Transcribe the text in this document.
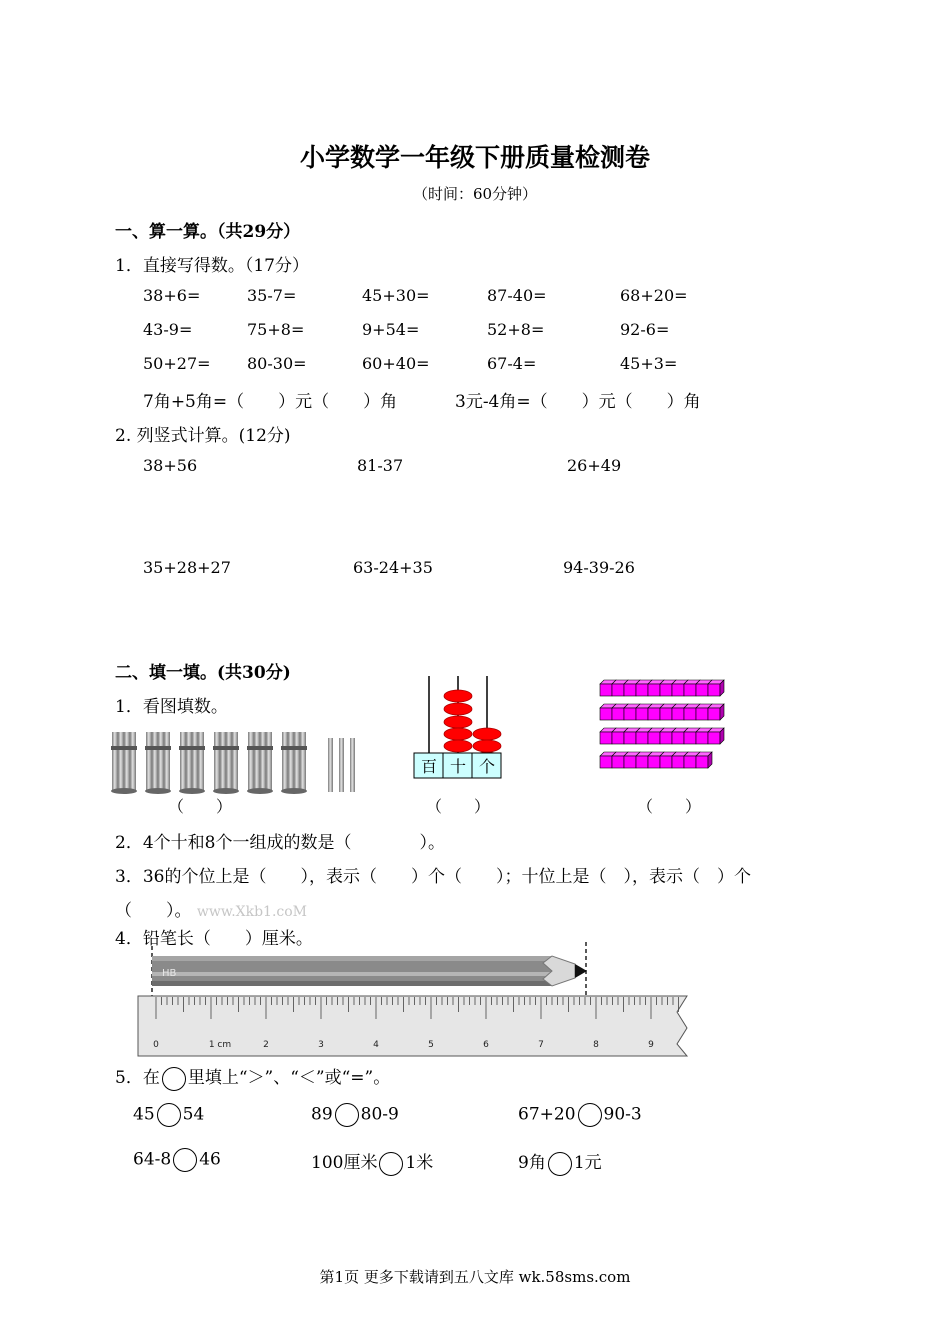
小学数学一年级下册质量检测卷
（时间：60分钟）
一、算一算。（共29分）
1．直接写得数。（17分）
38+6=	35-7=	45+30=	87-40=	68+20=
43-9=	75+8=	9+54=	52+8=	92-6=
50+27= 80-30=	60+40=	67-4=	45+3=
7角+5角=（　　）元（　　）角	3元-4角=（　　）元（　　）角
2. 列竖式计算。(12分)
38+56	81-37	26+49
35+28+27	63-24+35	94-39-26
二、填一填。(共30分)
1．看图填数。
（　　）
百 十 个
（　　）	（　　）
2．4个十和8个一组成的数是（　　　　）。
3．36的个位上是（　　），表示（　　）个（　　）；十位上是（　），表示（　）个
（　　）。 www.Xkb1.coM
4．铅笔长（　　）厘米。
HB
0	1 cm	2	3	4	5	6	7	8	9
5．在 里填上“＞”、“＜”或“=”。
45 54	89 80-9	67+20 90-3
64-8 46	100厘米 1米	9角 1元
第1页 更多下载请到五八文库 wk.58sms.com
